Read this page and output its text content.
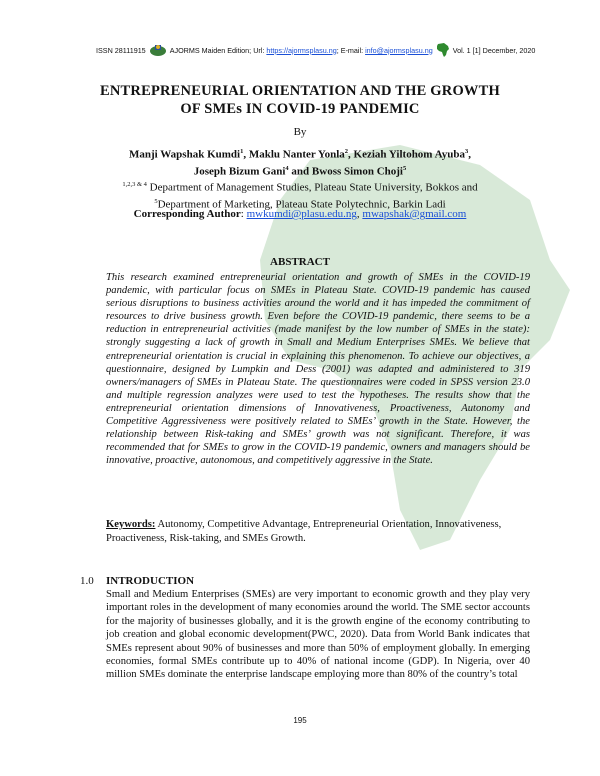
ISSN 28111915	AJORMS Maiden Edition;
Url:
https://ajormsplasu.ng ; E-mail:
info@ajormsplasu.ng	Vol. 1 [1] December, 2020
ENTREPRENEURIAL ORIENTATION AND THE GROWTH
OF SMEs IN COVID-19 PANDEMIC
By
Manji Wapshak Kumdi$^1$, Maklu Nanter Yonla$^2$, Keziah Yiltohom Ayuba$^3$,
Joseph Bizum Gani$^4$ and Bwoss Simon Choji$^5$
$^{1,2,3 \& 4}$ Department of Management Studies, Plateau State University, Bokkos and
$^5$Department of Marketing, Plateau State Polytechnic, Barkin Ladi
Corresponding Author: mwkumdi@plasu.edu.ng, mwapshak@gmail.com
ABSTRACT
This research examined entrepreneurial orientation and growth of SMEs in the COVID-19 pandemic, with particular focus on SMEs in Plateau State. COVID-19 pandemic has caused serious disruptions to business activities around the world and it has impeded the commitment of resources to drive business growth. Even before the COVID-19 pandemic, there seems to be a reduction in entrepreneurial activities (made manifest by the low number of SMEs in the state): strongly suggesting a lack of growth in Small and Medium Enterprises SMEs. We believe that entrepreneurial orientation is crucial in explaining this phenomenon. To achieve our objectives, a questionnaire, designed by Lumpkin and Dess (2001) was adapted and administered to 319 owners/managers of SMEs in Plateau State. The questionnaires were coded in SPSS version 23.0 and multiple regression analyzes were used to test the hypotheses. The results show that the entrepreneurial orientation dimensions of Innovativeness, Proactiveness, Autonomy and Competitive Aggressiveness were positively related to SMEs’ growth in the State. However, the relationship between Risk-taking and SMEs’ growth was not significant. Therefore, it was recommended that for SMEs to grow in the COVID-19 pandemic, owners and managers should be innovative, proactive, autonomous, and competitively aggressive in the State.
Keywords: Autonomy, Competitive Advantage, Entrepreneurial Orientation, Innovativeness, Proactiveness, Risk-taking, and SMEs Growth.
1.0 INTRODUCTION
Small and Medium Enterprises (SMEs) are very important to economic growth and they play very important roles in the development of many economies around the world. The SME sector accounts for the majority of businesses globally, and it is the growth engine of the economy contributing to job creation and global economic development(PWC, 2020). Data from World Bank indicates that SMEs represent about 90% of businesses and more than 50% of employment globally. In emerging economies, formal SMEs contribute up to 40% of national income (GDP). In Nigeria, over 40 million SMEs dominate the enterprise landscape employing more than 80% of the country’s total
195
